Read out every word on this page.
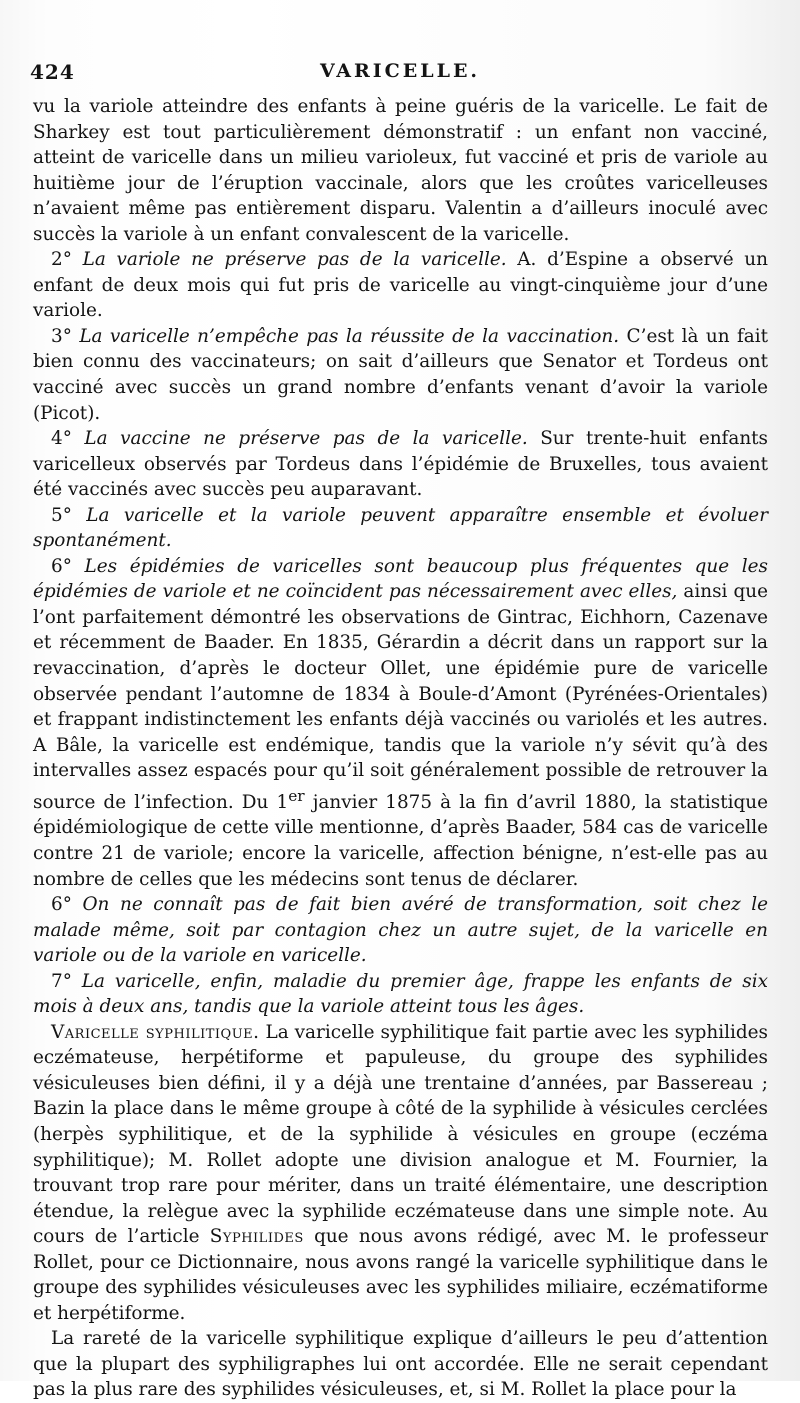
424	VARICELLE.

vu la variole atteindre des enfants à peine guéris de la varicelle. Le fait de Sharkey est tout particulièrement démonstratif : un enfant non vacciné, atteint de varicelle dans un milieu varioleux, fut vacciné et pris de variole au huitième jour de l’éruption vaccinale, alors que les croûtes varicelleuses n’avaient même pas entièrement disparu. Valentin a d’ailleurs inoculé avec succès la variole à un enfant convalescent de la varicelle.

2° La variole ne préserve pas de la varicelle. A. d’Espine a observé un enfant de deux mois qui fut pris de varicelle au vingt-cinquième jour d’une variole.

3° La varicelle n’empêche pas la réussite de la vaccination. C’est là un fait bien connu des vaccinateurs; on sait d’ailleurs que Senator et Tordeus ont vacciné avec succès un grand nombre d’enfants venant d’avoir la variole (Picot).

4° La vaccine ne préserve pas de la varicelle. Sur trente-huit enfants varicelleux observés par Tordeus dans l’épidémie de Bruxelles, tous avaient été vaccinés avec succès peu auparavant.

5° La varicelle et la variole peuvent apparaître ensemble et évoluer spontanément.

6° Les épidémies de varicelles sont beaucoup plus fréquentes que les épidémies de variole et ne coïncident pas nécessairement avec elles, ainsi que l’ont parfaitement démontré les observations de Gintrac, Eichhorn, Cazenave et récemment de Baader. En 1835, Gérardin a décrit dans un rapport sur la revaccination, d’après le docteur Ollet, une épidémie pure de varicelle observée pendant l’automne de 1834 à Boule-d’Amont (Pyrénées-Orientales) et frappant indistinctement les enfants déjà vaccinés ou variolés et les autres. A Bâle, la varicelle est endémique, tandis que la variole n’y sévit qu’à des intervalles assez espacés pour qu’il soit généralement possible de retrouver la source de l’infection. Du 1er janvier 1875 à la fin d’avril 1880, la statistique épidémiologique de cette ville mentionne, d’après Baader, 584 cas de varicelle contre 21 de variole; encore la varicelle, affection bénigne, n’est-elle pas au nombre de celles que les médecins sont tenus de déclarer.

6° On ne connaît pas de fait bien avéré de transformation, soit chez le malade même, soit par contagion chez un autre sujet, de la varicelle en variole ou de la variole en varicelle.

7° La varicelle, enfin, maladie du premier âge, frappe les enfants de six mois à deux ans, tandis que la variole atteint tous les âges.

Varicelle syphilitique. La varicelle syphilitique fait partie avec les syphilides eczémateuse, herpétiforme et papuleuse, du groupe des syphilides vésiculeuses bien défini, il y a déjà une trentaine d’années, par Bassereau ; Bazin la place dans le même groupe à côté de la syphilide à vésicules cerclées (herpès syphilitique, et de la syphilide à vésicules en groupe (eczéma syphilitique); M. Rollet adopte une division analogue et M. Fournier, la trouvant trop rare pour mériter, dans un traité élémentaire, une description étendue, la relègue avec la syphilide eczémateuse dans une simple note. Au cours de l’article Syphilides que nous avons rédigé, avec M. le professeur Rollet, pour ce Dictionnaire, nous avons rangé la varicelle syphilitique dans le groupe des syphilides vésiculeuses avec les syphilides miliaire, eczématiforme et herpétiforme.

La rareté de la varicelle syphilitique explique d’ailleurs le peu d’attention que la plupart des syphiligraphes lui ont accordée. Elle ne serait cependant pas la plus rare des syphilides vésiculeuses, et, si M. Rollet la place pour la
